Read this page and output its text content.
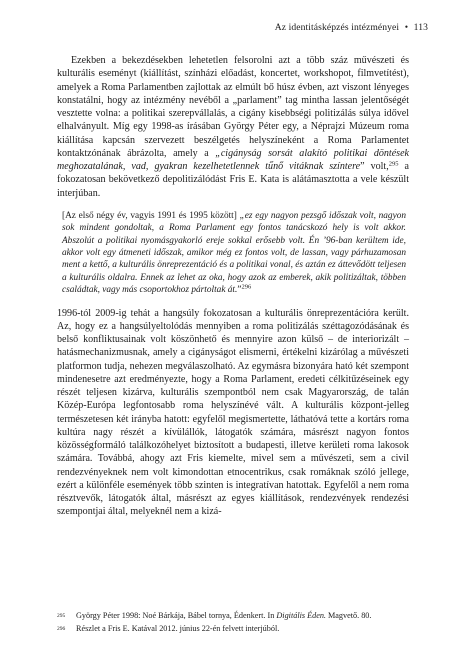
Az identitásképzés intézményei • 113

Ezekben a bekezdésekben lehetetlen felsorolni azt a több száz művészeti és kulturális eseményt (kiállítást, színházi előadást, koncertet, workshopot, filmvetítést), amelyek a Roma Parlamentben zajlottak az elmúlt bő húsz évben, azt viszont lényeges konstatálni, hogy az intézmény nevéből a „parlament” tag mintha lassan jelentőségét vesztette volna: a politikai szerepvállalás, a cigány kisebbségi politizálás súlya idővel elhalványult. Míg egy 1998-as írásában György Péter egy, a Néprajzi Múzeum roma kiállítása kapcsán szervezett beszélgetés helyszíneként a Roma Parlamentet kontaktzónának ábrázolta, amely a „cigányság sorsát alakító politikai döntések meghozatalának, vad, gyakran kezelhetetlennek tűnő vitáknak színtere” volt,$^{295}$ a fokozatosan bekövetkező depolitizálódást Fris E. Kata is alátámasztotta a vele készült interjúban.

[Az első négy év, vagyis 1991 és 1995 között] „ez egy nagyon pezsgő időszak volt, nagyon sok mindent gondoltak, a Roma Parlament egy fontos tanácskozó hely is volt akkor. Abszolút a politikai nyomásgyakorló ereje sokkal erősebb volt. Én ’96-ban kerültem ide, akkor volt egy átmeneti időszak, amikor még ez fontos volt, de lassan, vagy párhuzamosan ment a kettő, a kulturális önreprezentáció és a politikai vonal, és aztán ez áttevődött teljesen a kulturális oldalra. Ennek az lehet az oka, hogy azok az emberek, akik politizáltak, többen családtak, vagy más csoportokhoz pártoltak át.”$^{296}$

1996-tól 2009-ig tehát a hangsúly fokozatosan a kulturális önreprezentációra került. Az, hogy ez a hangsúlyeltolódás mennyiben a roma politizálás széttagozódásának és belső konfliktusainak volt köszönhető és mennyire azon külső – de interiorizált – hatásmechanizmusnak, amely a cigányságot elismerni, értékelni kizárólag a művészeti platformon tudja, nehezen megválaszolható. Az egymásra bizonyára ható két szempont mindenesetre azt eredményezte, hogy a Roma Parlament, eredeti célkitűzéseinek egy részét teljesen kizárva, kulturális szempontból nem csak Magyarország, de talán Közép-Európa legfontosabb roma helyszínévé vált. A kulturális központ-jelleg természetesen két irányba hatott: egyfelől megismertette, láthatóvá tette a kortárs roma kultúra nagy részét a kívülállók, látogatók számára, másrészt nagyon fontos közösségformáló találkozóhelyet biztosított a budapesti, illetve kerületi roma lakosok számára. Továbbá, ahogy azt Fris kiemelte, mivel sem a művészeti, sem a civil rendezvényeknek nem volt kimondottan etnocentrikus, csak romáknak szóló jellege, ezért a különféle események több szinten is integratívan hatottak. Egyfelől a nem roma résztvevők, látogatók által, másrészt az egyes kiállítások, rendezvények rendezési szempontjai által, melyeknél nem a kizá-

295	György Péter 1998: Noé Bárkája, Bábel tornya, Édenkert. In Digitális Éden. Magvető. 80.
296	Részlet a Fris E. Katával 2012. június 22-én felvett interjúból.
